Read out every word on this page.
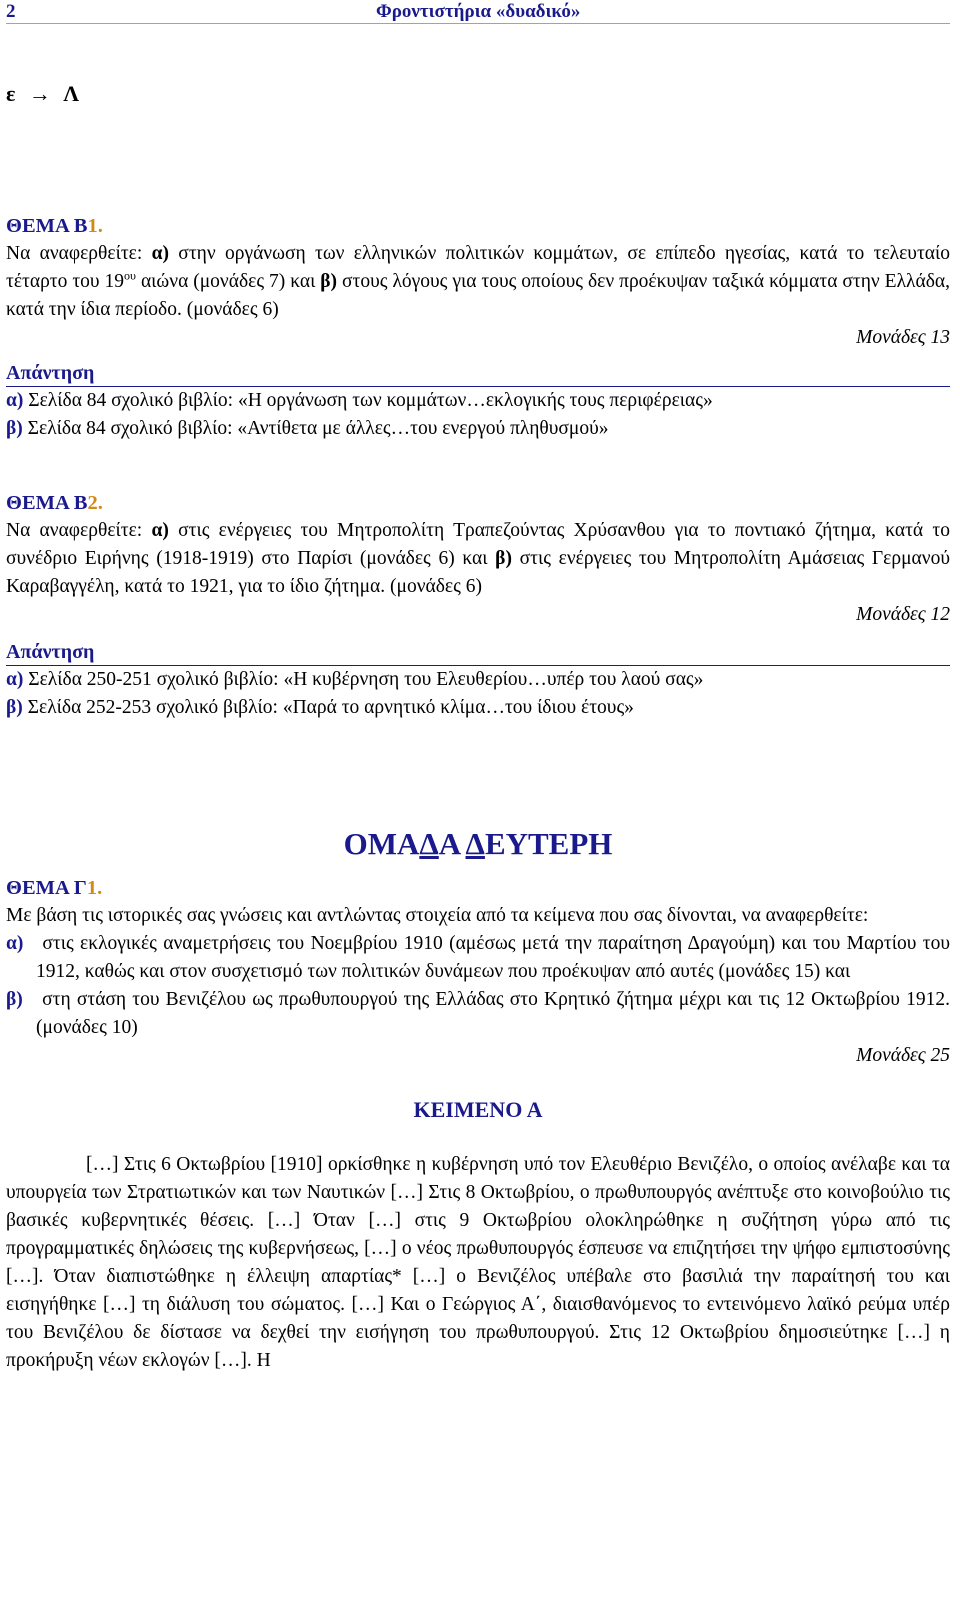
2	Φροντιστήρια «δυαδικό»
ε → Λ
ΘΕΜΑ Β1.
Να αναφερθείτε: α) στην οργάνωση των ελληνικών πολιτικών κομμάτων, σε επίπεδο ηγεσίας, κατά το τελευταίο τέταρτο του $19^{o\upsilon}$ αιώνα (μονάδες 7) και β) στους λόγους για τους οποίους δεν προέκυψαν ταξικά κόμματα στην Ελλάδα, κατά την ίδια περίοδο. (μονάδες 6)
Μονάδες 13
Απάντηση
α) Σελίδα 84 σχολικό βιβλίο: «Η οργάνωση των κομμάτων…εκλογικής τους περιφέρειας»
β) Σελίδα 84 σχολικό βιβλίο: «Αντίθετα με άλλες…του ενεργού πληθυσμού»
ΘΕΜΑ Β2.
Να αναφερθείτε: α) στις ενέργειες του Μητροπολίτη Τραπεζούντας Χρύσανθου για το ποντιακό ζήτημα, κατά το συνέδριο Ειρήνης (1918-1919) στο Παρίσι (μονάδες 6) και β) στις ενέργειες του Μητροπολίτη Αμάσειας Γερμανού Καραβαγγέλη, κατά το 1921, για το ίδιο ζήτημα. (μονάδες 6)
Μονάδες 12
Απάντηση
α) Σελίδα 250-251 σχολικό βιβλίο: «Η κυβέρνηση του Ελευθερίου…υπέρ του λαού σας»
β) Σελίδα 252-253 σχολικό βιβλίο: «Παρά το αρνητικό κλίμα…του ίδιου έτους»
ΟΜΑΔΑ ΔΕΥΤΕΡΗ
ΘΕΜΑ Γ1.
Με βάση τις ιστορικές σας γνώσεις και αντλώντας στοιχεία από τα κείμενα που σας δίνονται, να αναφερθείτε:
α) στις εκλογικές αναμετρήσεις του Νοεμβρίου 1910 (αμέσως μετά την παραίτηση Δραγούμη) και του Μαρτίου του 1912, καθώς και στον συσχετισμό των πολιτικών δυνάμεων που προέκυψαν από αυτές (μονάδες 15) και
β) στη στάση του Βενιζέλου ως πρωθυπουργού της Ελλάδας στο Κρητικό ζήτημα μέχρι και τις 12 Οκτωβρίου 1912. (μονάδες 10)
Μονάδες 25
ΚΕΙΜΕΝΟ Α
[…] Στις 6 Οκτωβρίου [1910] ορκίσθηκε η κυβέρνηση υπό τον Ελευθέριο Βενιζέλο, ο οποίος ανέλαβε και τα υπουργεία των Στρατιωτικών και των Ναυτικών […] Στις 8 Οκτωβρίου, ο πρωθυπουργός ανέπτυξε στο κοινοβούλιο τις βασικές κυβερνητικές θέσεις. […] Όταν […] στις 9 Οκτωβρίου ολοκληρώθηκε η συζήτηση γύρω από τις προγραμματικές δηλώσεις της κυβερνήσεως, […] ο νέος πρωθυπουργός έσπευσε να επιζητήσει την ψήφο εμπιστοσύνης […]. Όταν διαπιστώθηκε η έλλειψη απαρτίας* […] ο Βενιζέλος υπέβαλε στο βασιλιά την παραίτησή του και εισηγήθηκε […] τη διάλυση του σώματος. […] Και ο Γεώργιος Α΄, διαισθανόμενος το εντεινόμενο λαϊκό ρεύμα υπέρ του Βενιζέλου δε δίστασε να δεχθεί την εισήγηση του πρωθυπουργού. Στις 12 Οκτωβρίου δημοσιεύτηκε […] η προκήρυξη νέων εκλογών […]. Η
